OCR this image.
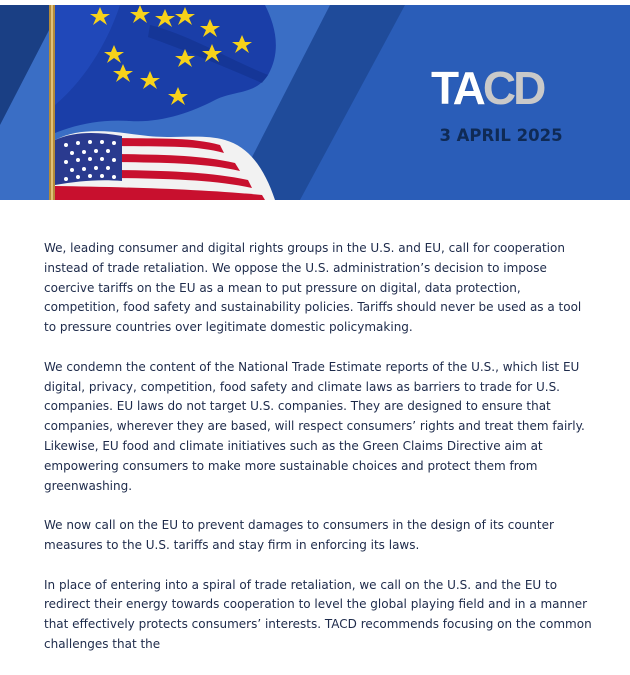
TACD
3 APRIL 2025

We, leading consumer and digital rights groups in the U.S. and EU, call for cooperation instead of trade retaliation. We oppose the U.S. administration’s decision to impose coercive tariffs on the EU as a mean to put pressure on digital, data protection, competition, food safety and sustainability policies. Tariffs should never be used as a tool to pressure countries over legitimate domestic policymaking.

We condemn the content of the National Trade Estimate reports of the U.S., which list EU digital, privacy, competition, food safety and climate laws as barriers to trade for U.S. companies. EU laws do not target U.S. companies. They are designed to ensure that companies, wherever they are based, will respect consumers’ rights and treat them fairly. Likewise, EU food and climate initiatives such as the Green Claims Directive aim at empowering consumers to make more sustainable choices and protect them from greenwashing.

We now call on the EU to prevent damages to consumers in the design of its counter measures to the U.S. tariffs and stay firm in enforcing its laws.

In place of entering into a spiral of trade retaliation, we call on the U.S. and the EU to redirect their energy towards cooperation to level the global playing field and in a manner that effectively protects consumers’ interests. TACD recommends focusing on the common challenges that the
